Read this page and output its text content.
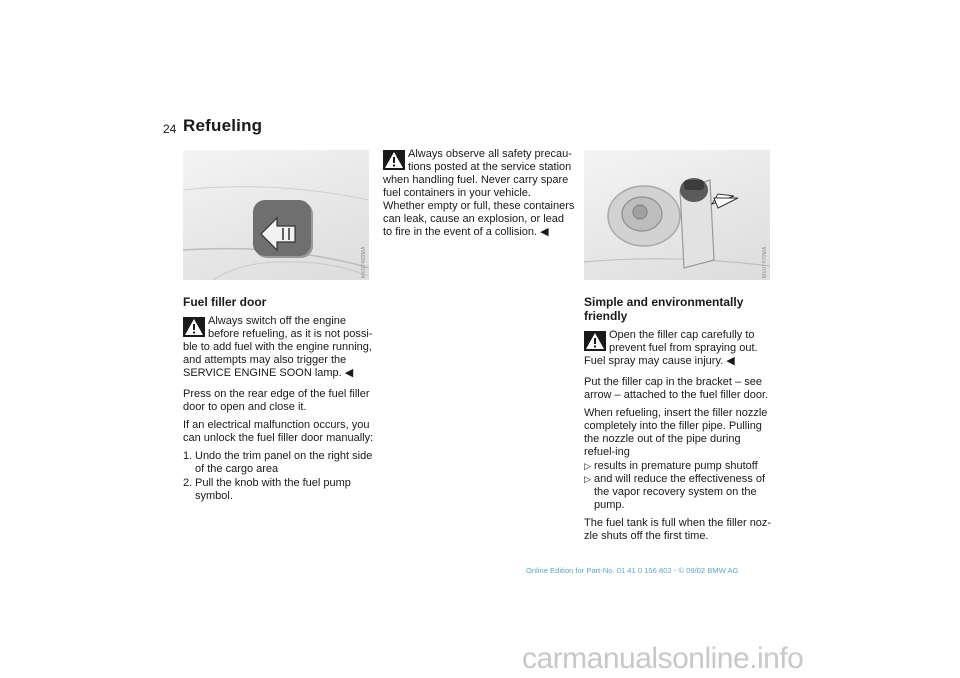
24 Refueling
MV07469MA	MV07470MA
Fuel filler door

Always switch off the engine
before refueling, as it is not possi-
ble to add fuel with the engine running, and attempts may also trigger the SERVICE ENGINE SOON lamp. ◀

Press on the rear edge of the fuel filler door to open and close it.

If an electrical malfunction occurs, you can unlock the fuel filler door manually:

1. Undo the trim panel on the right side of the cargo area
2. Pull the knob with the fuel pump symbol.

Always observe all safety precau-
tions posted at the service station
when handling fuel. Never carry spare fuel containers in your vehicle. Whether empty or full, these containers can leak, cause an explosion, or lead to fire in the event of a collision. ◀

Simple and environmentally friendly

Open the filler cap carefully to
prevent fuel from spraying out.
Fuel spray may cause injury. ◀

Put the filler cap in the bracket – see arrow – attached to the fuel filler door.

When refueling, insert the filler nozzle completely into the filler pipe. Pulling the nozzle out of the pipe during refuel-ing

▷ results in premature pump shutoff
▷ and will reduce the effectiveness of the vapor recovery system on the pump.

The fuel tank is full when the filler noz-zle shuts off the first time.

Online Edition for Part-No. 01 41 0 156 802 - © 09/02 BMW AG
carmanualsonline.info
